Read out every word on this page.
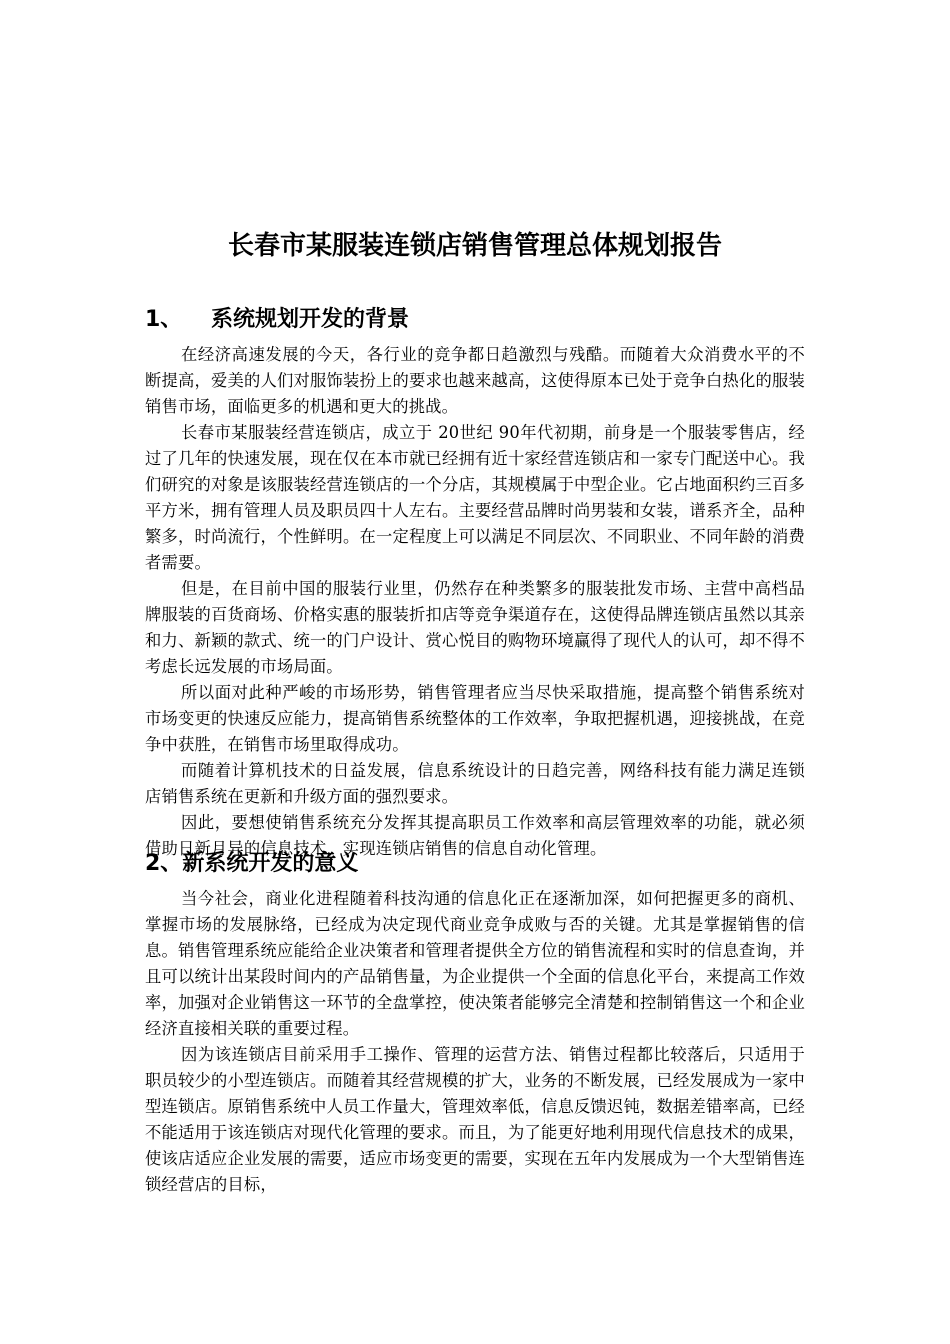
长春市某服装连锁店销售管理总体规划报告
1、 系统规划开发的背景

在经济高速发展的今天，各行业的竞争都日趋激烈与残酷。而随着大众消费水平的不断提高，爱美的人们对服饰装扮上的要求也越来越高，这使得原本已处于竞争白热化的服装销售市场，面临更多的机遇和更大的挑战。

长春市某服装经营连锁店，成立于 20世纪 90年代初期，前身是一个服装零售店，经过了几年的快速发展，现在仅在本市就已经拥有近十家经营连锁店和一家专门配送中心。我们研究的对象是该服装经营连锁店的一个分店，其规模属于中型企业。它占地面积约三百多平方米，拥有管理人员及职员四十人左右。主要经营品牌时尚男装和女装，谱系齐全，品种繁多，时尚流行，个性鲜明。在一定程度上可以满足不同层次、不同职业、不同年龄的消费者需要。

但是，在目前中国的服装行业里，仍然存在种类繁多的服装批发市场、主营中高档品牌服装的百货商场、价格实惠的服装折扣店等竞争渠道存在，这使得品牌连锁店虽然以其亲和力、新颖的款式、统一的门户设计、赏心悦目的购物环境赢得了现代人的认可，却不得不考虑长远发展的市场局面。

所以面对此种严峻的市场形势，销售管理者应当尽快采取措施，提高整个销售系统对市场变更的快速反应能力，提高销售系统整体的工作效率，争取把握机遇，迎接挑战，在竞争中获胜，在销售市场里取得成功。

而随着计算机技术的日益发展，信息系统设计的日趋完善，网络科技有能力满足连锁店销售系统在更新和升级方面的强烈要求。

因此，要想使销售系统充分发挥其提高职员工作效率和高层管理效率的功能，就必须借助日新月异的信息技术，实现连锁店销售的信息自动化管理。

2、新系统开发的意义

当今社会，商业化进程随着科技沟通的信息化正在逐渐加深，如何把握更多的商机、掌握市场的发展脉络，已经成为决定现代商业竞争成败与否的关键。尤其是掌握销售的信息。销售管理系统应能给企业决策者和管理者提供全方位的销售流程和实时的信息查询，并且可以统计出某段时间内的产品销售量，为企业提供一个全面的信息化平台，来提高工作效率，加强对企业销售这一环节的全盘掌控，使决策者能够完全清楚和控制销售这一个和企业经济直接相关联的重要过程。

因为该连锁店目前采用手工操作、管理的运营方法、销售过程都比较落后，只适用于职员较少的小型连锁店。而随着其经营规模的扩大，业务的不断发展，已经发展成为一家中型连锁店。原销售系统中人员工作量大，管理效率低，信息反馈迟钝，数据差错率高，已经不能适用于该连锁店对现代化管理的要求。而且，为了能更好地利用现代信息技术的成果，使该店适应企业发展的需要，适应市场变更的需要，实现在五年内发展成为一个大型销售连锁经营店的目标，
